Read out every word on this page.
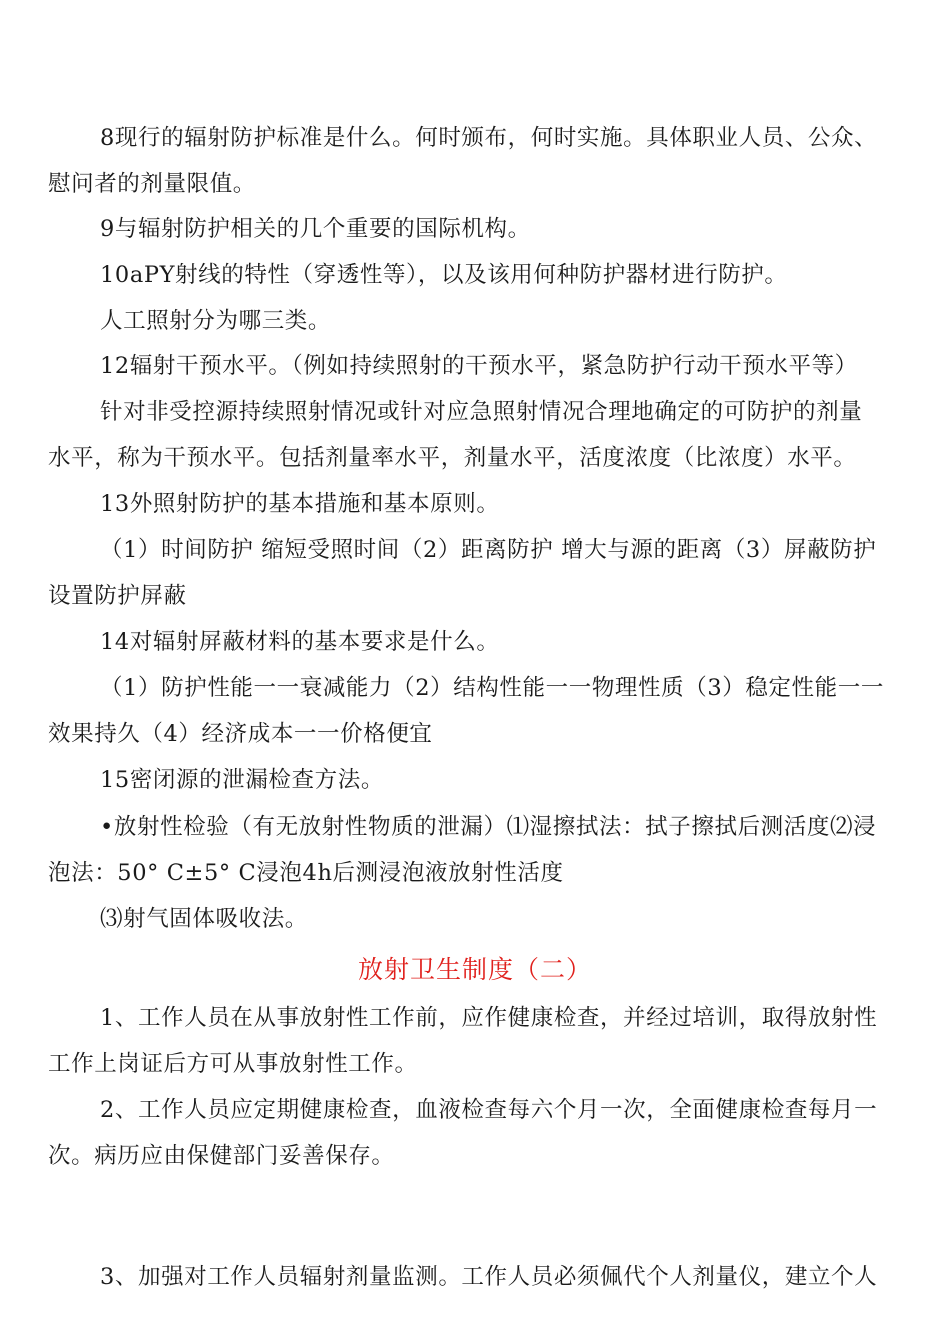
8现行的辐射防护标准是什么。何时颁布，何时实施。具体职业人员、公众、
慰问者的剂量限值。
9与辐射防护相关的几个重要的国际机构。
10aPY射线的特性（穿透性等），以及该用何种防护器材进行防护。
人工照射分为哪三类。
12辐射干预水平。（例如持续照射的干预水平，紧急防护行动干预水平等）
针对非受控源持续照射情况或针对应急照射情况合理地确定的可防护的剂量
水平，称为干预水平。包括剂量率水平，剂量水平，活度浓度（比浓度）水平。
13外照射防护的基本措施和基本原则。
（1）时间防护 缩短受照时间（2）距离防护 增大与源的距离（3）屏蔽防护
设置防护屏蔽
14对辐射屏蔽材料的基本要求是什么。
（1）防护性能一一衰减能力（2）结构性能一一物理性质（3）稳定性能一一
效果持久（4）经济成本一一价格便宜
15密闭源的泄漏检查方法。
•放射性检验（有无放射性物质的泄漏）⑴湿擦拭法：拭子擦拭后测活度⑵浸
泡法：50° C±5° C浸泡4h后测浸泡液放射性活度
⑶射气固体吸收法。
放射卫生制度（二）
1、工作人员在从事放射性工作前，应作健康检查，并经过培训，取得放射性
工作上岗证后方可从事放射性工作。
2、工作人员应定期健康检查，血液检查每六个月一次，全面健康检查每月一
次。病历应由保健部门妥善保存。
3、加强对工作人员辐射剂量监测。工作人员必须佩代个人剂量仪，建立个人
